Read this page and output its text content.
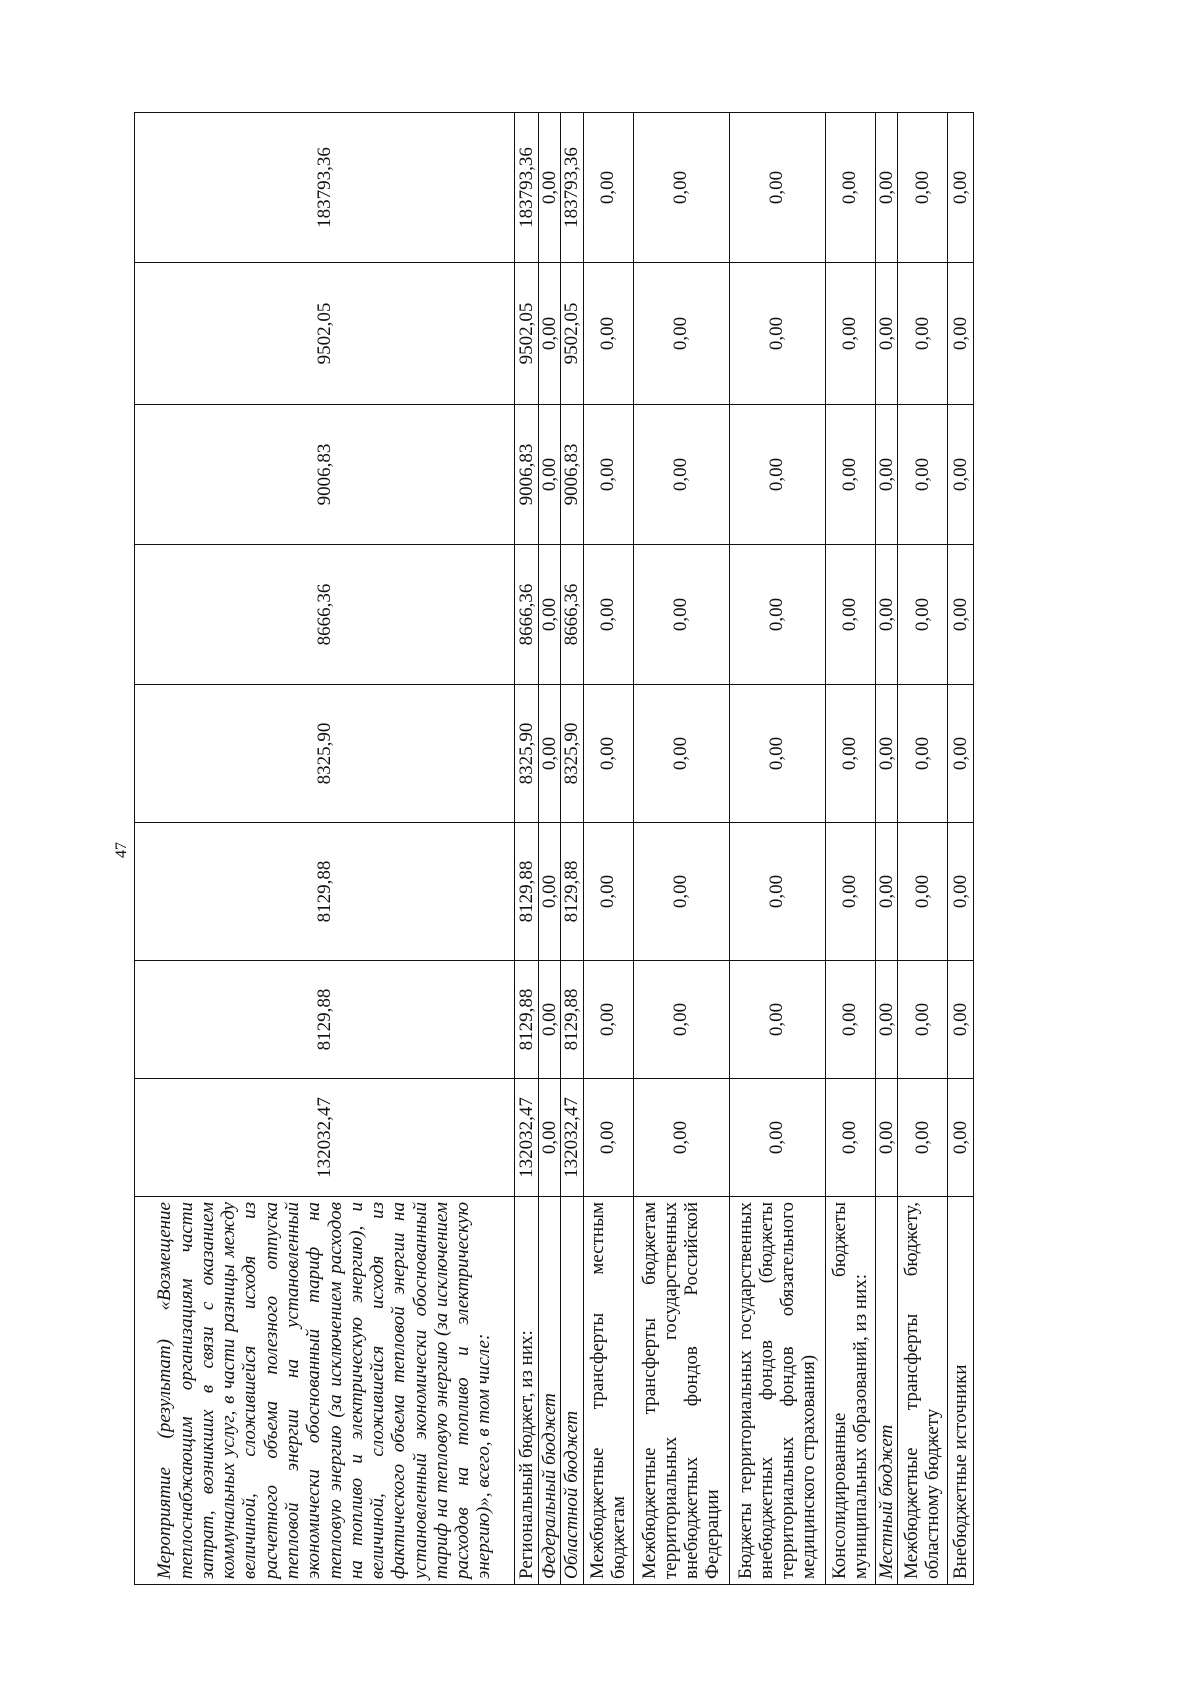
47
Мероприятие (результат) «Возмещение теплоснабжающим организациям части затрат, возникших в связи с оказанием коммунальных услуг, в части разницы между величиной, сложившейся исходя из расчетного объема полезного отпуска тепловой энергии на установленный экономически обоснованный тариф на тепловую энергию (за исключением расходов на топливо и электрическую энергию), и величиной, сложившейся исходя из фактического объема тепловой энергии на установленный экономически обоснованный тариф на тепловую энергию (за исключением расходов на топливо и электрическую энергию)», всего, в том числе:	132032,47	8129,88	8129,88	8325,90	8666,36	9006,83	9502,05	183793,36
Региональный бюджет, из них:	132032,47	8129,88	8129,88	8325,90	8666,36	9006,83	9502,05	183793,36
Федеральный бюджет	0,00	0,00	0,00	0,00	0,00	0,00	0,00	0,00
Областной бюджет	132032,47	8129,88	8129,88	8325,90	8666,36	9006,83	9502,05	183793,36
Межбюджетные трансферты местным бюджетам	0,00	0,00	0,00	0,00	0,00	0,00	0,00	0,00
Межбюджетные трансферты бюджетам территориальных государственных внебюджетных фондов Российской Федерации	0,00	0,00	0,00	0,00	0,00	0,00	0,00	0,00
Бюджеты территориальных государственных внебюджетных фондов (бюджеты территориальных фондов обязательного медицинского страхования)	0,00	0,00	0,00	0,00	0,00	0,00	0,00	0,00
Консолидированные бюджеты муниципальных образований, из них:	0,00	0,00	0,00	0,00	0,00	0,00	0,00	0,00
Местный бюджет	0,00	0,00	0,00	0,00	0,00	0,00	0,00	0,00
Межбюджетные трансферты бюджету, областному бюджету	0,00	0,00	0,00	0,00	0,00	0,00	0,00	0,00
Внебюджетные источники	0,00	0,00	0,00	0,00	0,00	0,00	0,00	0,00
